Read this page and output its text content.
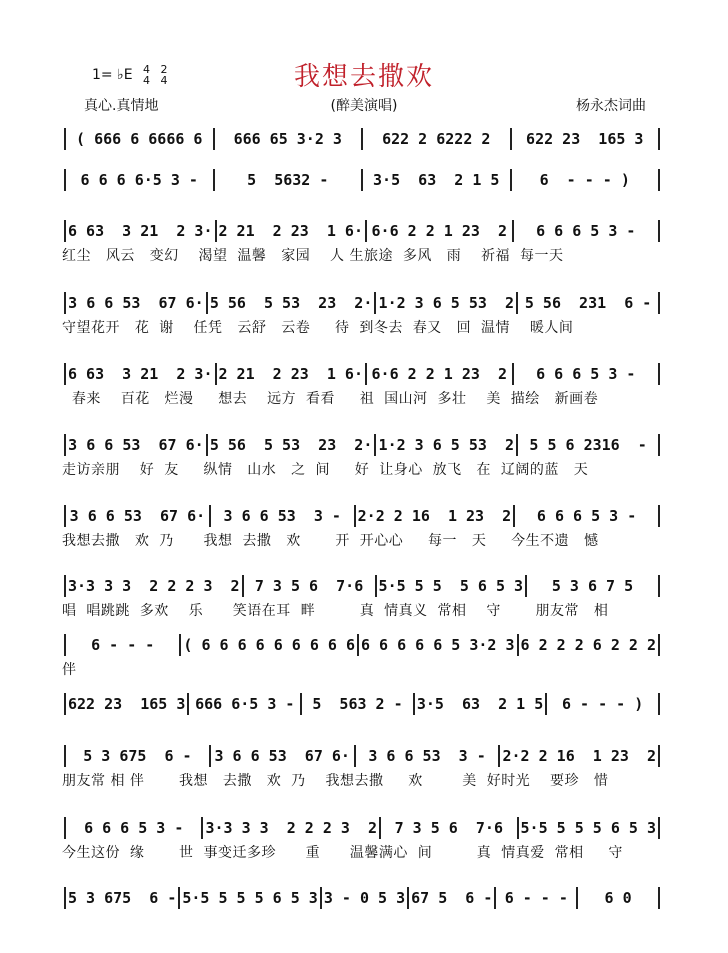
1= ♭E 4
4

2
4	我想去撒欢
真心.真情地	(醉美演唱)	杨永杰词曲
( 666 6 6666 6	666 65 3·2 3	622 2 6222 2	622 23  165 3
6 6 6 6·5 3 -	5  5632 -	3·5  63  2 1 5	6  - - - )
6 63  3 21  2 3· 2 21  2 23  1 6· 6·6 2 2 1 23  2	6 6 6 5 3 -
红尘   风云   变幻    渴望  温馨   家园    人 生旅途  多风   雨    祈福  每一天
3 6 6 53  67 6· 5 56  5 53  23  2· 1·2 3 6 5 53  2 5 56  231  6 -
守望花开   花  谢    任凭   云舒   云卷     待  到冬去  春又   回  温情    暖人间
6 63  3 21  2 3· 2 21  2 23  1 6· 6·6 2 2 1 23  2	6 6 6 5 3 -
春来    百花   烂漫     想去    远方  看看     祖  国山河  多壮    美  描绘   新画卷
3 6 6 53  67 6· 5 56  5 53  23  2· 1·2 3 6 5 53  2	5 5 6 2316  -
走访亲朋    好  友     纵情   山水   之  间     好  让身心  放飞   在  辽阔的蓝   天
3 6 6 53  67 6·	3 6 6 53  3 -	2·2 2 16  1 23  2	6 6 6 5 3 -
我想去撒   欢  乃      我想  去撒   欢       开  开心心     每一   天     今生不遗   憾
3·3 3 3  2 2 2 3  2	7 3 5 6  7·6	5·5 5 5  5 6 5 3	5 3 6 7 5
唱  唱跳跳  多欢    乐      笑语在耳  畔         真  情真义  常相    守       朋友常   相
6 - - -	( 6 6 6 6 6 6 6 6 6 6 6 6 6 6 5 3·2 3 6 2 2 2 6 2 2 2
伴
622 23  165 3 666 6·5 3 -	5  563 2 - 3·5  63  2 1 5	6 - - - )
5 3 675  6 -	3 6 6 53  67 6·	3 6 6 53  3 -	2·2 2 16  1 23  2
朋友常 相 伴       我想   去撒   欢  乃    我想去撒     欢        美  好时光    要珍   惜
6 6 6 5 3 -	3·3 3 3  2 2 2 3  2	7 3 5 6  7·6	5·5 5 5 5 6 5 3
今生这份  缘       世  事变迁多珍      重      温馨满心  间         真  情真爱  常相     守
5 3 675  6 - 5·5 5 5 5 6 5 3 3 - 0 5 3 67 5  6 - 6 - - -	6 0
